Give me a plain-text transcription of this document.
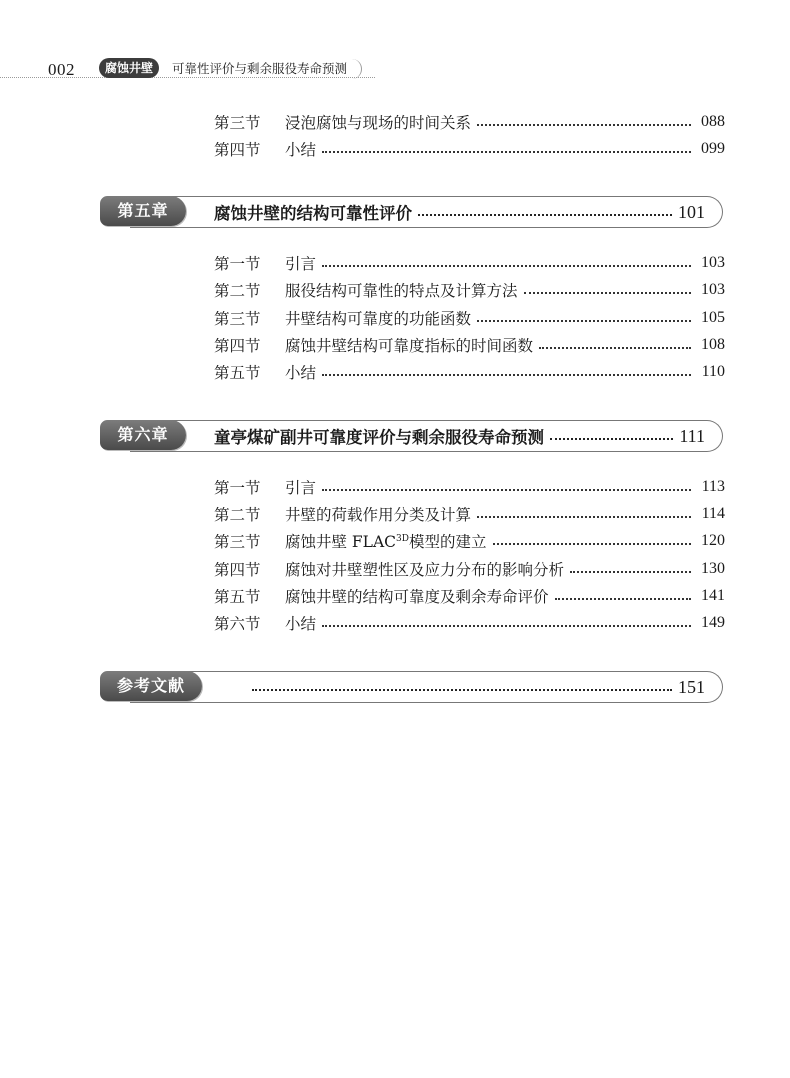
002	腐蚀井壁	可靠性评价与剩余服役寿命预测
第三节	浸泡腐蚀与现场的时间关系	088
第四节	小结	099
第五章	腐蚀井壁的结构可靠性评价	101
第一节	引言	103
第二节	服役结构可靠性的特点及计算方法	103
第三节	井壁结构可靠度的功能函数	105
第四节	腐蚀井壁结构可靠度指标的时间函数	108
第五节	小结	110
第六章	童亭煤矿副井可靠度评价与剩余服役寿命预测	111
第一节	引言	113
第二节	井壁的荷载作用分类及计算	114
第三节	腐蚀井壁 $FLAC^{3D}$模型的建立	120
第四节	腐蚀对井壁塑性区及应力分布的影响分析	130
第五节	腐蚀井壁的结构可靠度及剩余寿命评价	141
第六节	小结	149
参考文献	151
